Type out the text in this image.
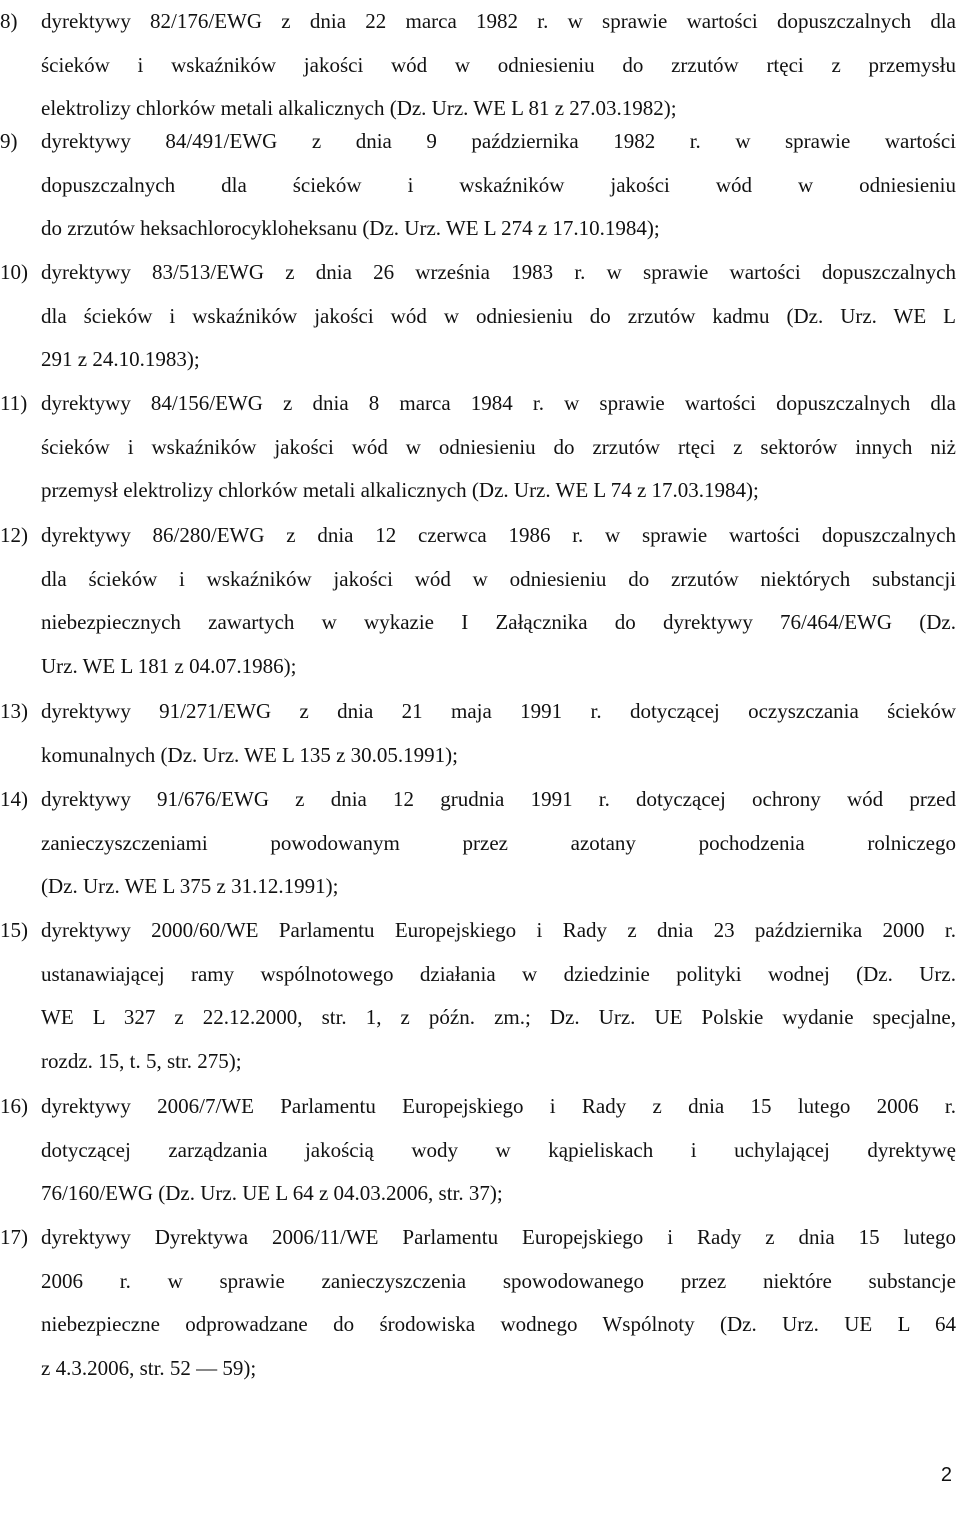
8) dyrektywy 82/176/EWG z dnia 22 marca 1982 r. w sprawie wartości dopuszczalnych dla
ścieków i wskaźników jakości wód w odniesieniu do zrzutów rtęci z przemysłu
elektrolizy chlorków metali alkalicznych (Dz. Urz. WE L 81 z 27.03.1982);
9) dyrektywy 84/491/EWG z dnia 9 października 1982 r. w sprawie wartości
dopuszczalnych dla ścieków i wskaźników jakości wód w odniesieniu
do zrzutów heksachlorocykloheksanu (Dz. Urz. WE L 274 z 17.10.1984);
10) dyrektywy 83/513/EWG z dnia 26 września 1983 r. w sprawie wartości dopuszczalnych
dla ścieków i wskaźników jakości wód w odniesieniu do zrzutów kadmu (Dz. Urz. WE L
291 z 24.10.1983);
11) dyrektywy 84/156/EWG z dnia 8 marca 1984 r. w sprawie wartości dopuszczalnych dla
ścieków i wskaźników jakości wód w odniesieniu do zrzutów rtęci z sektorów innych niż
przemysł elektrolizy chlorków metali alkalicznych (Dz. Urz. WE L 74 z 17.03.1984);
12) dyrektywy 86/280/EWG z dnia 12 czerwca 1986 r. w sprawie wartości dopuszczalnych
dla ścieków i wskaźników jakości wód w odniesieniu do zrzutów niektórych substancji
niebezpiecznych zawartych w wykazie I Załącznika do dyrektywy 76/464/EWG (Dz.
Urz. WE L 181 z 04.07.1986);
13) dyrektywy 91/271/EWG z dnia 21 maja 1991 r. dotyczącej oczyszczania ścieków
komunalnych (Dz. Urz. WE L 135 z 30.05.1991);
14) dyrektywy 91/676/EWG z dnia 12 grudnia 1991 r. dotyczącej ochrony wód przed
zanieczyszczeniami powodowanym przez azotany pochodzenia rolniczego
(Dz. Urz. WE L 375 z 31.12.1991);
15) dyrektywy 2000/60/WE Parlamentu Europejskiego i Rady z dnia 23 października 2000 r.
ustanawiającej ramy wspólnotowego działania w dziedzinie polityki wodnej (Dz. Urz.
WE L 327 z 22.12.2000, str. 1, z późn. zm.; Dz. Urz. UE Polskie wydanie specjalne,
rozdz. 15, t. 5, str. 275);
16) dyrektywy 2006/7/WE Parlamentu Europejskiego i Rady z dnia 15 lutego 2006 r.
dotyczącej zarządzania jakością wody w kąpieliskach i uchylającej dyrektywę
76/160/EWG (Dz. Urz. UE L 64 z 04.03.2006, str. 37);
17) dyrektywy Dyrektywa 2006/11/WE Parlamentu Europejskiego i Rady z dnia 15 lutego
2006 r. w sprawie zanieczyszczenia spowodowanego przez niektóre substancje
niebezpieczne odprowadzane do środowiska wodnego Wspólnoty (Dz. Urz. UE L 64
z 4.3.2006, str. 52 — 59);
2
